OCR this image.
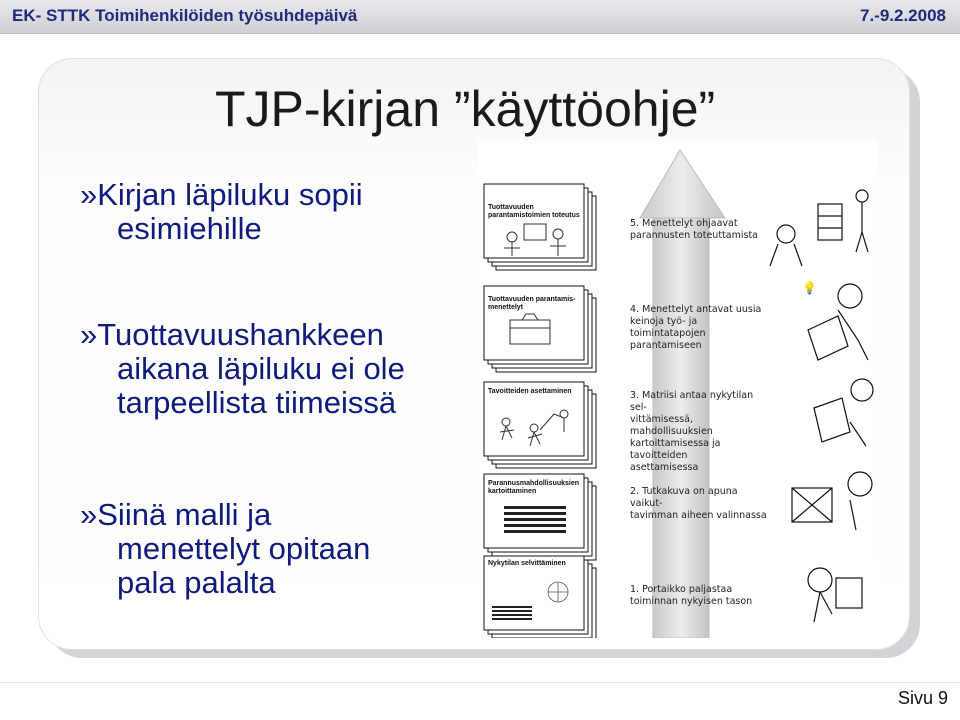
EK- STTK Toimihenkilöiden työsuhdepäivä	7.-9.2.2008
TJP-kirjan ”käyttöohje”
»Kirjan läpiluku sopii
esimiehille
»Tuottavuushankkeen
aikana läpiluku ei ole
tarpeellista tiimeissä
»Siinä malli ja
menettelyt opitaan
pala palalta
💡
Tuottavuuden parantamistoimien toteutus
Tuottavuuden parantamis-menettelyt
Tavoitteiden asettaminen
Parannusmahdollisuuksien kartoittaminen
Nykytilan selvittäminen
5. Menettelyt ohjaavat
parannusten toteuttamista
4. Menettelyt antavat uusia
keinoja työ- ja toimintatapojen
parantamiseen
3. Matriisi antaa nykytilan sel-
vittämisessä, mahdollisuuksien
kartoittamisessa ja tavoitteiden
asettamisessa
2. Tutkakuva on apuna vaikut-
tavimman aiheen valinnassa
1. Portaikko paljastaa
toiminnan nykyisen tason
Sivu 9
